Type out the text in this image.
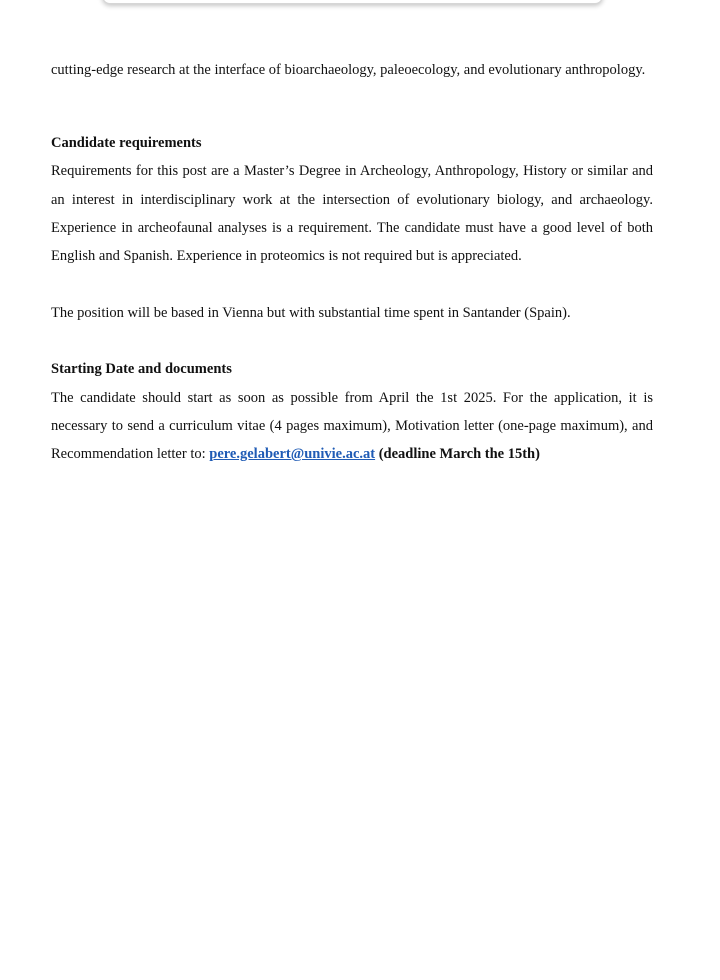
cutting-edge research at the interface of bioarchaeology, paleoecology, and evolutionary anthropology.

Candidate requirements

Requirements for this post are a Master’s Degree in Archeology, Anthropology, History or similar and an interest in interdisciplinary work at the intersection of evolutionary biology, and archaeology. Experience in archeofaunal analyses is a requirement. The candidate must have a good level of both English and Spanish. Experience in proteomics is not required but is appreciated.

The position will be based in Vienna but with substantial time spent in Santander (Spain).

Starting Date and documents

The candidate should start as soon as possible from April the 1st 2025. For the application, it is necessary to send a curriculum vitae (4 pages maximum), Motivation letter (one-page maximum), and Recommendation letter to: pere.gelabert@univie.ac.at (deadline March the 15th)
